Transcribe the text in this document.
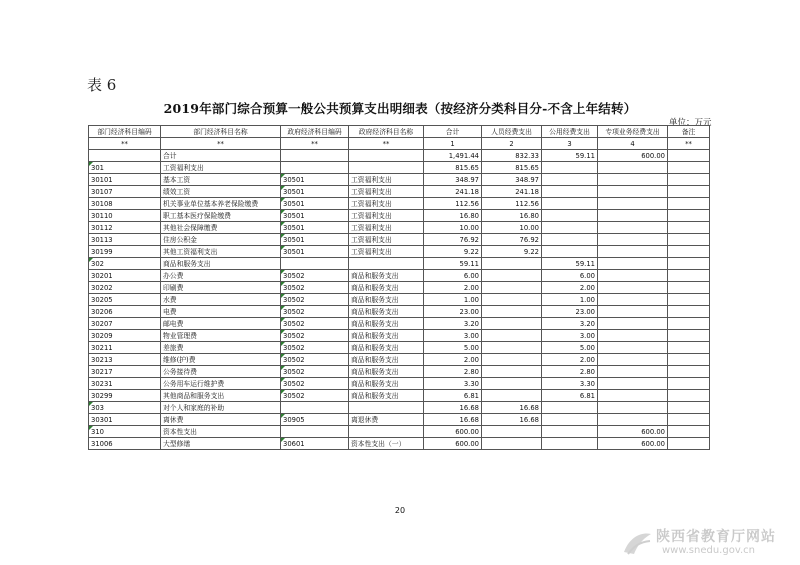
表 6
2019年部门综合预算一般公共预算支出明细表（按经济分类科目分-不含上年结转）
单位：万元
部门经济科目编码	部门经济科目名称	政府经济科目编码	政府经济科目名称	合计	人员经费支出	公用经费支出	专项业务经费支出	备注
**	**	**	**	1	2	3	4	**
	合计			1,491.44	832.33	59.11	600.00	
301	工资福利支出			815.65	815.65			
30101	基本工资	30501	工资福利支出	348.97	348.97			
30107	绩效工资	30501	工资福利支出	241.18	241.18			
30108	机关事业单位基本养老保险缴费	30501	工资福利支出	112.56	112.56			
30110	职工基本医疗保险缴费	30501	工资福利支出	16.80	16.80			
30112	其他社会保障缴费	30501	工资福利支出	10.00	10.00			
30113	住房公积金	30501	工资福利支出	76.92	76.92			
30199	其他工资福利支出	30501	工资福利支出	9.22	9.22			
302	商品和服务支出			59.11		59.11		
30201	办公费	30502	商品和服务支出	6.00		6.00		
30202	印刷费	30502	商品和服务支出	2.00		2.00		
30205	水费	30502	商品和服务支出	1.00		1.00		
30206	电费	30502	商品和服务支出	23.00		23.00		
30207	邮电费	30502	商品和服务支出	3.20		3.20		
30209	物业管理费	30502	商品和服务支出	3.00		3.00		
30211	差旅费	30502	商品和服务支出	5.00		5.00		
30213	维修(护)费	30502	商品和服务支出	2.00		2.00		
30217	公务接待费	30502	商品和服务支出	2.80		2.80		
30231	公务用车运行维护费	30502	商品和服务支出	3.30		3.30		
30299	其他商品和服务支出	30502	商品和服务支出	6.81		6.81		
303	对个人和家庭的补助			16.68	16.68			
30301	离休费	30905	离退休费	16.68	16.68			
310	资本性支出			600.00			600.00	
31006	大型修缮	30601	资本性支出（一）	600.00			600.00	
20
陕西省教育厅网站
www.snedu.gov.cn
